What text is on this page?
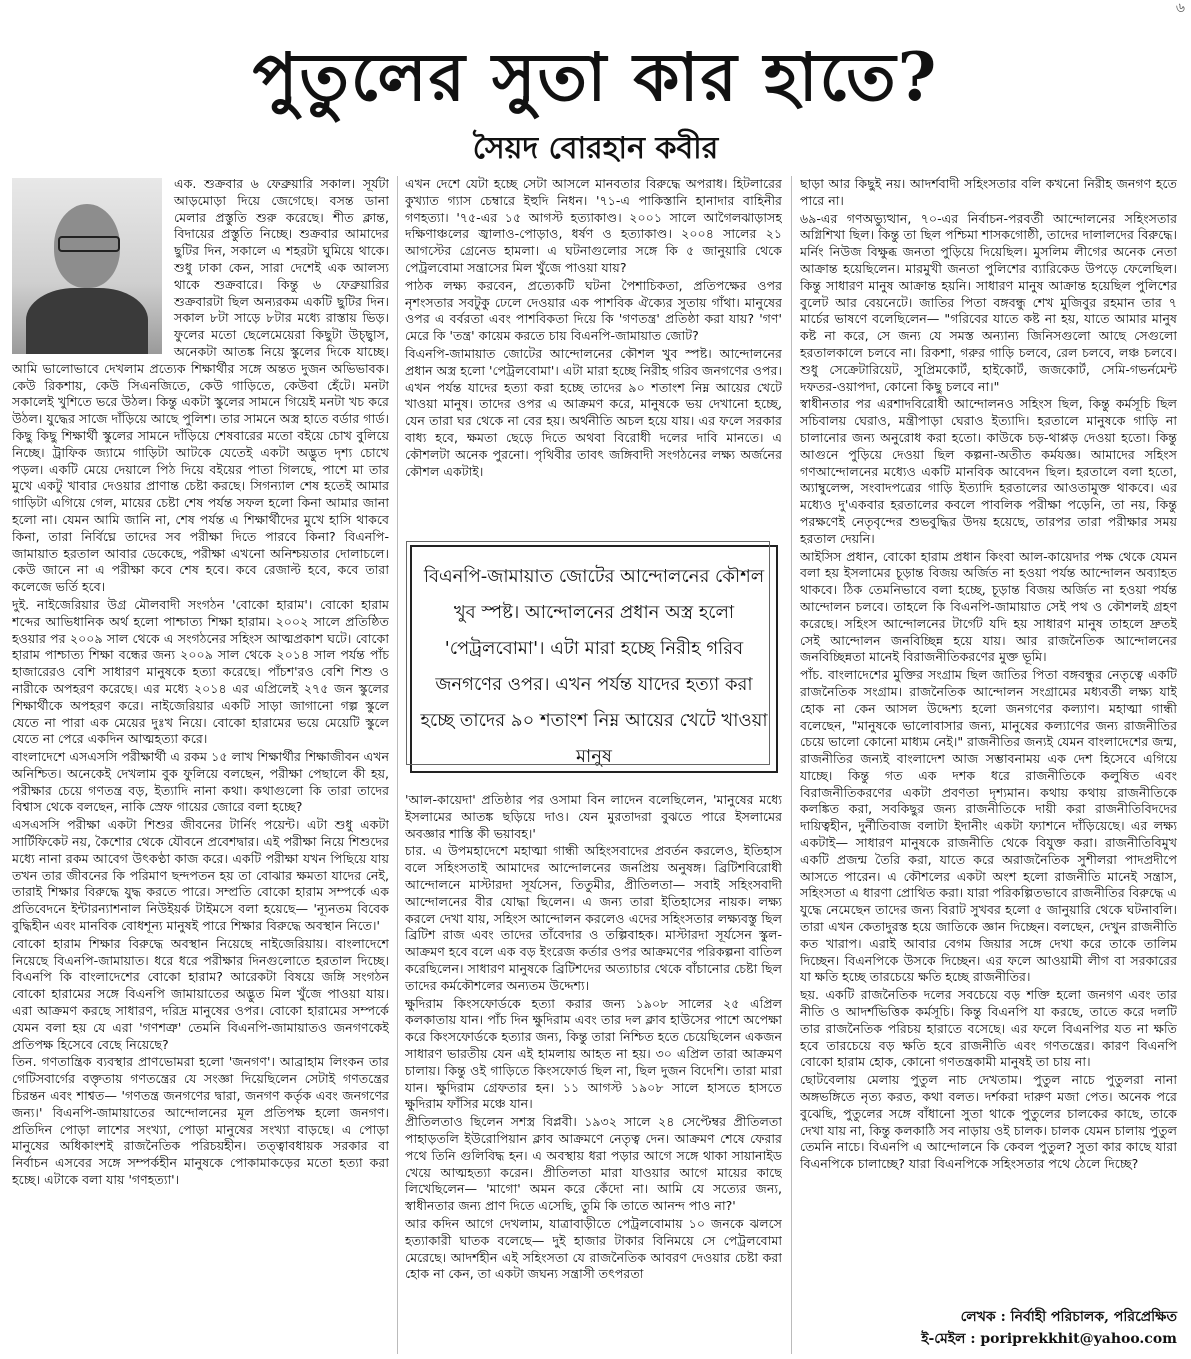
৬
পুতুলের সুতা কার হাতে?
সৈয়দ বোরহান কবীর

এক. শুক্রবার ৬ ফেব্রুয়ারি সকাল। সূর্যটা আড়মোড়া দিয়ে জেগেছে। বসন্ত ডানা মেলার প্রস্তুতি শুরু করেছে। শীত ক্লান্ত, বিদায়ের প্রস্তুতি নিচ্ছে। শুক্রবার আমাদের ছুটির দিন, সকালে এ শহরটা ঘুমিয়ে থাকে। শুধু ঢাকা কেন, সারা দেশেই এক আলস্য থাকে শুক্রবারে। কিন্তু ৬ ফেব্রুয়ারির শুক্রবারটা ছিল অন্যরকম একটি ছুটির দিন। সকাল ৮টা সাড়ে ৮টার মধ্যে রাস্তায় ভিড়। ফুলের মতো ছেলেমেয়েরা কিছুটা উচ্ছ্বাস, অনেকটা আতঙ্ক নিয়ে স্কুলের দিকে যাচ্ছে। আমি ভালোভাবে দেখলাম প্রত্যেক শিক্ষার্থীর সঙ্গে অন্তত দুজন অভিভাবক। কেউ রিকশায়, কেউ সিএনজিতে, কেউ গাড়িতে, কেউবা হেঁটে। মনটা সকালেই খুশিতে ভরে উঠল। কিন্তু একটা স্কুলের সামনে গিয়েই মনটা খচ করে উঠল। যুদ্ধের সাজে দাঁড়িয়ে আছে পুলিশ। তার সামনে অস্ত্র হাতে বর্ডার গার্ড। কিছু কিছু শিক্ষার্থী স্কুলের সামনে দাঁড়িয়ে শেষবারের মতো বইয়ে চোখ বুলিয়ে নিচ্ছে। ট্রাফিক জ্যামে গাড়িটা আটকে যেতেই একটা অদ্ভুত দৃশ্য চোখে পড়ল। একটি মেয়ে দেয়ালে পিঠ দিয়ে বইয়ের পাতা গিলছে, পাশে মা তার মুখে একটু খাবার দেওয়ার প্রাণান্ত চেষ্টা করছে। সিগন্যাল শেষ হতেই আমার গাড়িটা এগিয়ে গেল, মায়ের চেষ্টা শেষ পর্যন্ত সফল হলো কিনা আমার জানা হলো না। যেমন আমি জানি না, শেষ পর্যন্ত এ শিক্ষার্থীদের মুখে হাসি থাকবে কিনা, তারা নির্বিঘ্নে তাদের সব পরীক্ষা দিতে পারবে কিনা? বিএনপি-জামায়াত হরতাল আবার ডেকেছে, পরীক্ষা এখনো অনিশ্চয়তার দোলাচলে। কেউ জানে না এ পরীক্ষা কবে শেষ হবে। কবে রেজাল্ট হবে, কবে তারা কলেজে ভর্তি হবে।

দুই. নাইজেরিয়ার উগ্র মৌলবাদী সংগঠন 'বোকো হারাম'। বোকো হারাম শব্দের আভিধানিক অর্থ হলো পাশ্চাত্য শিক্ষা হারাম। ২০০২ সালে প্রতিষ্ঠিত হওয়ার পর ২০০৯ সাল থেকে এ সংগঠনের সহিংস আত্মপ্রকাশ ঘটে। বোকো হারাম পাশ্চাত্য শিক্ষা বন্ধের জন্য ২০০৯ সাল থেকে ২০১৪ সাল পর্যন্ত পাঁচ হাজারেরও বেশি সাধারণ মানুষকে হত্যা করেছে। পাঁচশ'রও বেশি শিশু ও নারীকে অপহরণ করেছে। এর মধ্যে ২০১৪ এর এপ্রিলেই ২৭৫ জন স্কুলের শিক্ষার্থীকে অপহরণ করে। নাইজেরিয়ার একটি সাড়া জাগানো গল্প স্কুলে যেতে না পারা এক মেয়ের দুঃখ নিয়ে। বোকো হারামের ভয়ে মেয়েটি স্কুলে যেতে না পেরে একদিন আত্মহত্যা করে।

বাংলাদেশে এসএসসি পরীক্ষার্থী এ রকম ১৫ লাখ শিক্ষার্থীর শিক্ষাজীবন এখন অনিশ্চিত। অনেকেই দেখলাম বুক ফুলিয়ে বলছেন, পরীক্ষা পেছালে কী হয়, পরীক্ষার চেয়ে গণতন্ত্র বড়, ইত্যাদি নানা কথা। কথাগুলো কি তারা তাদের বিশ্বাস থেকে বলছেন, নাকি স্রেফ গায়ের জোরে বলা হচ্ছে?

এসএসসি পরীক্ষা একটা শিশুর জীবনের টার্নিং পয়েন্ট। এটা শুধু একটা সার্টিফিকেট নয়, কৈশোর থেকে যৌবনে প্রবেশদ্বার। এই পরীক্ষা নিয়ে শিশুদের মধ্যে নানা রকম আবেগ উৎকণ্ঠা কাজ করে। একটি পরীক্ষা যখন পিছিয়ে যায় তখন তার জীবনের কি পরিমাণ ছন্দপতন হয় তা বোঝার ক্ষমতা যাদের নেই, তারাই শিক্ষার বিরুদ্ধে যুদ্ধ করতে পারে। সম্প্রতি বোকো হারাম সম্পর্কে এক প্রতিবেদনে ইন্টারন্যাশনাল নিউইয়র্ক টাইমসে বলা হয়েছে— 'ন্যূনতম বিবেক বুদ্ধিহীন এবং মানবিক বোধশূন্য মানুষই পারে শিক্ষার বিরুদ্ধে অবস্থান নিতে।'

বোকো হারাম শিক্ষার বিরুদ্ধে অবস্থান নিয়েছে নাইজেরিয়ায়। বাংলাদেশে নিয়েছে বিএনপি-জামায়াত। ধরে ধরে পরীক্ষার দিনগুলোতে হরতাল দিচ্ছে। বিএনপি কি বাংলাদেশের বোকো হারাম? আরেকটা বিষয়ে জঙ্গি সংগঠন বোকো হারামের সঙ্গে বিএনপি জামায়াতের অদ্ভুত মিল খুঁজে পাওয়া যায়। এরা আক্রমণ করছে সাধারণ, দরিদ্র মানুষের ওপর। বোকো হারামের সম্পর্কে যেমন বলা হয় যে এরা 'গণশত্রু' তেমনি বিএনপি-জামায়াতও জনগণকেই প্রতিপক্ষ হিসেবে বেছে নিয়েছে?

তিন. গণতান্ত্রিক ব্যবস্থার প্রাণভোমরা হলো 'জনগণ'। আব্রাহাম লিংকন তার গেটিসবার্গের বক্তৃতায় গণতন্ত্রের যে সংজ্ঞা দিয়েছিলেন সেটাই গণতন্ত্রের চিরন্তন এবং শাশ্বত— 'গণতন্ত্র জনগণের দ্বারা, জনগণ কর্তৃক এবং জনগণের জন্য।' বিএনপি-জামায়াতের আন্দোলনের মূল প্রতিপক্ষ হলো জনগণ। প্রতিদিন পোড়া লাশের সংখ্যা, পোড়া মানুষের সংখ্যা বাড়ছে। এ পোড়া মানুষের অধিকাংশই রাজনৈতিক পরিচয়হীন। তত্ত্বাবধায়ক সরকার বা নির্বাচন এসবের সঙ্গে সম্পর্কহীন মানুষকে পোকামাকড়ের মতো হত্যা করা হচ্ছে। এটাকে বলা যায় 'গণহত্যা'।

এখন দেশে যেটা হচ্ছে সেটা আসলে মানবতার বিরুদ্ধে অপরাধ। হিটলারের কুখ্যাত গ্যাস চেম্বারে ইহুদি নিধন। '৭১-এ পাকিস্তানি হানাদার বাহিনীর গণহত্যা। '৭৫-এর ১৫ আগস্ট হত্যাকাণ্ড। ২০০১ সালে আগৈলঝাড়াসহ দক্ষিণাঞ্চলের জ্বালাও-পোড়াও, ধর্ষণ ও হত্যাকাণ্ড। ২০০৪ সালের ২১ আগস্টের গ্রেনেড হামলা। এ ঘটনাগুলোর সঙ্গে কি ৫ জানুয়ারি থেকে পেট্রলবোমা সন্ত্রাসের মিল খুঁজে পাওয়া যায়?

পাঠক লক্ষ্য করবেন, প্রত্যেকটি ঘটনা পৈশাচিকতা, প্রতিপক্ষের ওপর নৃশংসতার সবটুকু ঢেলে দেওয়ার এক পাশবিক ঐক্যের সুতায় গাঁথা। মানুষের ওপর এ বর্বরতা এবং পাশবিকতা দিয়ে কি 'গণতন্ত্র' প্রতিষ্ঠা করা যায়? 'গণ' মেরে কি 'তন্ত্র' কায়েম করতে চায় বিএনপি-জামায়াত জোট?

বিএনপি-জামায়াত জোটের আন্দোলনের কৌশল খুব স্পষ্ট। আন্দোলনের প্রধান অস্ত্র হলো 'পেট্রলবোমা'। এটা মারা হচ্ছে নিরীহ গরিব জনগণের ওপর। এখন পর্যন্ত যাদের হত্যা করা হচ্ছে তাদের ৯০ শতাংশ নিম্ন আয়ের খেটে খাওয়া মানুষ। তাদের ওপর এ আক্রমণ করে, মানুষকে ভয় দেখানো হচ্ছে, যেন তারা ঘর থেকে না বের হয়। অর্থনীতি অচল হয়ে যায়। এর ফলে সরকার বাধ্য হবে, ক্ষমতা ছেড়ে দিতে অথবা বিরোধী দলের দাবি মানতে। এ কৌশলটা অনেক পুরনো। পৃথিবীর তাবৎ জঙ্গিবাদী সংগঠনের লক্ষ্য অর্জনের কৌশল একটাই।

বিএনপি-জামায়াত জোটের আন্দোলনের কৌশল খুব স্পষ্ট। আন্দোলনের প্রধান অস্ত্র হলো 'পেট্রলবোমা'। এটা মারা হচ্ছে নিরীহ গরিব জনগণের ওপর। এখন পর্যন্ত যাদের হত্যা করা হচ্ছে তাদের ৯০ শতাংশ নিম্ন আয়ের খেটে খাওয়া মানুষ

'আল-কায়েদা' প্রতিষ্ঠার পর ওসামা বিন লাদেন বলেছিলেন, 'মানুষের মধ্যে ইসলামের আতঙ্ক ছড়িয়ে দাও। যেন মুরতাদরা বুঝতে পারে ইসলামের অবজ্ঞার শাস্তি কী ভয়াবহ।'

চার. এ উপমহাদেশে মহাত্মা গান্ধী অহিংসবাদের প্রবর্তন করলেও, ইতিহাস বলে সহিংসতাই আমাদের আন্দোলনের জনপ্রিয় অনুষঙ্গ। ব্রিটিশবিরোধী আন্দোলনে মাস্টারদা সূর্যসেন, তিতুমীর, প্রীতিলতা— সবাই সহিংসবাদী আন্দোলনের বীর যোদ্ধা ছিলেন। এ জন্য তারা ইতিহাসের নায়ক। লক্ষ্য করলে দেখা যায়, সহিংস আন্দোলন করলেও এদের সহিংসতার লক্ষ্যবস্তু ছিল ব্রিটিশ রাজ এবং তাদের তাঁবেদার ও তল্পিবাহক। মাস্টারদা সূর্যসেন স্কুল-আক্রমণ হবে বলে এক বড় ইংরেজ কর্তার ওপর আক্রমণের পরিকল্পনা বাতিল করেছিলেন। সাধারণ মানুষকে ব্রিটিশদের অত্যাচার থেকে বাঁচানোর চেষ্টা ছিল তাদের কর্মকৌশলের অন্যতম উদ্দেশ্য।

ক্ষুদিরাম কিংসফোর্ডকে হত্যা করার জন্য ১৯০৮ সালের ২৫ এপ্রিল কলকাতায় যান। পাঁচ দিন ক্ষুদিরাম এবং তার দল ক্লাব হাউসের পাশে অপেক্ষা করে কিংসফোর্ডকে হত্যার জন্য, কিন্তু তারা নিশ্চিত হতে চেয়েছিলেন একজন সাধারণ ভারতীয় যেন এই হামলায় আহত না হয়। ৩০ এপ্রিল তারা আক্রমণ চালায়। কিন্তু ওই গাড়িতে কিংসফোর্ড ছিল না, ছিল দুজন বিদেশি। তারা মারা যান। ক্ষুদিরাম গ্রেফতার হন। ১১ আগস্ট ১৯০৮ সালে হাসতে হাসতে ক্ষুদিরাম ফাঁসির মঞ্চে যান।

প্রীতিলতাও ছিলেন সশস্ত্র বিপ্লবী। ১৯৩২ সালে ২৪ সেপ্টেম্বর প্রীতিলতা পাহাড়তলি ইউরোপিয়ান ক্লাব আক্রমণে নেতৃত্ব দেন। আক্রমণ শেষে ফেরার পথে তিনি গুলিবিদ্ধ হন। এ অবস্থায় ধরা পড়ার আগে সঙ্গে থাকা সায়ানাইড খেয়ে আত্মহত্যা করেন। প্রীতিলতা মারা যাওয়ার আগে মায়ের কাছে লিখেছিলেন— 'মাগো' অমন করে কেঁদো না। আমি যে সত্যের জন্য, স্বাধীনতার জন্য প্রাণ দিতে এসেছি, তুমি কি তাতে আনন্দ পাও না?'

আর কদিন আগে দেখলাম, যাত্রাবাড়ীতে পেট্রলবোমায় ১০ জনকে ঝলসে হত্যাকারী ঘাতক বলেছে— দুই হাজার টাকার বিনিময়ে সে পেট্রলবোমা মেরেছে। আদর্শহীন এই সহিংসতা যে রাজনৈতিক আবরণ দেওয়ার চেষ্টা করা হোক না কেন, তা একটা জঘন্য সন্ত্রাসী তৎপরতা

ছাড়া আর কিছুই নয়। আদর্শবাদী সহিংসতার বলি কখনো নিরীহ জনগণ হতে পারে না।

৬৯-এর গণঅভ্যুত্থান, ৭০-এর নির্বাচন-পরবর্তী আন্দোলনের সহিংসতার অগ্নিশিখা ছিল। কিন্তু তা ছিল পশ্চিমা শাসকগোষ্ঠী, তাদের দালালদের বিরুদ্ধে। মর্নিং নিউজ বিক্ষুব্ধ জনতা পুড়িয়ে দিয়েছিল। মুসলিম লীগের অনেক নেতা আক্রান্ত হয়েছিলেন। মারমুখী জনতা পুলিশের ব্যারিকেড উপড়ে ফেলেছিল। কিন্তু সাধারণ মানুষ আক্রান্ত হয়নি। সাধারণ মানুষ আক্রান্ত হয়েছিল পুলিশের বুলেট আর বেয়নেটে। জাতির পিতা বঙ্গবন্ধু শেখ মুজিবুর রহমান তার ৭ মার্চের ভাষণে বলেছিলেন— "গরিবের যাতে কষ্ট না হয়, যাতে আমার মানুষ কষ্ট না করে, সে জন্য যে সমস্ত অন্যান্য জিনিসগুলো আছে সেগুলো হরতালকালে চলবে না। রিকশা, গরুর গাড়ি চলবে, রেল চলবে, লঞ্চ চলবে। শুধু সেক্রেটারিয়েট, সুপ্রিমকোর্ট, হাইকোর্ট, জজকোর্ট, সেমি-গভর্নমেন্ট দফতর-ওয়াপদা, কোনো কিছু চলবে না।"

স্বাধীনতার পর এরশাদবিরোধী আন্দোলনও সহিংস ছিল, কিন্তু কর্মসূচি ছিল সচিবালয় ঘেরাও, মন্ত্রীপাড়া ঘেরাও ইত্যাদি। হরতালে মানুষকে গাড়ি না চালানোর জন্য অনুরোধ করা হতো। কাউকে চড়-থাপ্পড় দেওয়া হতো। কিন্তু আগুনে পুড়িয়ে দেওয়া ছিল কল্পনা-অতীত কর্মযজ্ঞ। আমাদের সহিংস গণআন্দোলনের মধ্যেও একটি মানবিক আবেদন ছিল। হরতালে বলা হতো, অ্যাম্বুলেন্স, সংবাদপত্রের গাড়ি ইত্যাদি হরতালের আওতামুক্ত থাকবে। এর মধ্যেও দু'একবার হরতালের কবলে পাবলিক পরীক্ষা পড়েনি, তা নয়, কিন্তু পরক্ষণেই নেতৃবৃন্দের শুভবুদ্ধির উদয় হয়েছে, তারপর তারা পরীক্ষার সময় হরতাল দেয়নি।

আইসিস প্রধান, বোকো হারাম প্রধান কিংবা আল-কায়েদার পক্ষ থেকে যেমন বলা হয় ইসলামের চূড়ান্ত বিজয় অর্জিত না হওয়া পর্যন্ত আন্দোলন অব্যাহত থাকবে। ঠিক তেমনিভাবে বলা হচ্ছে, চূড়ান্ত বিজয় অর্জিত না হওয়া পর্যন্ত আন্দোলন চলবে। তাহলে কি বিএনপি-জামায়াত সেই পথ ও কৌশলই গ্রহণ করেছে। সহিংস আন্দোলনের টার্গেট যদি হয় সাধারণ মানুষ তাহলে দ্রুতই সেই আন্দোলন জনবিচ্ছিন্ন হয়ে যায়। আর রাজনৈতিক আন্দোলনের জনবিচ্ছিন্নতা মানেই বিরাজনীতিকরণের মুক্ত ভূমি।

পাঁচ. বাংলাদেশের মুক্তির সংগ্রাম ছিল জাতির পিতা বঙ্গবন্ধুর নেতৃত্বে একটি রাজনৈতিক সংগ্রাম। রাজনৈতিক আন্দোলন সংগ্রামের মধ্যবর্তী লক্ষ্য যাই হোক না কেন আসল উদ্দেশ্য হলো জনগণের কল্যাণ। মহাত্মা গান্ধী বলেছেন, "মানুষকে ভালোবাসার জন্য, মানুষের কল্যাণের জন্য রাজনীতির চেয়ে ভালো কোনো মাধ্যম নেই।" রাজনীতির জন্যই যেমন বাংলাদেশের জন্ম, রাজনীতির জন্যই বাংলাদেশ আজ সম্ভাবনাময় এক দেশ হিসেবে এগিয়ে যাচ্ছে। কিন্তু গত এক দশক ধরে রাজনীতিকে কলুষিত এবং বিরাজনীতিকরণের একটা প্রবণতা দৃশ্যমান। কথায় কথায় রাজনীতিকে কলঙ্কিত করা, সবকিছুর জন্য রাজনীতিকে দায়ী করা রাজনীতিবিদদের দায়িত্বহীন, দুর্নীতিবাজ বলাটা ইদানীং একটা ফ্যাশনে দাঁড়িয়েছে। এর লক্ষ্য একটাই— সাধারণ মানুষকে রাজনীতি থেকে বিযুক্ত করা। রাজনীতিবিমুখ একটি প্রজন্ম তৈরি করা, যাতে করে অরাজনৈতিক সুশীলরা পাদপ্রদীপে আসতে পারেন। এ কৌশলের একটা অংশ হলো রাজনীতি মানেই সন্ত্রাস, সহিংসতা এ ধারণা প্রোথিত করা। যারা পরিকল্পিতভাবে রাজনীতির বিরুদ্ধে এ যুদ্ধে নেমেছেন তাদের জন্য বিরাট সুখবর হলো ৫ জানুয়ারি থেকে ঘটনাবলি। তারা এখন কেতাদুরস্ত হয়ে জাতিকে জ্ঞান দিচ্ছেন। বলছেন, দেখুন রাজনীতি কত খারাপ। এরাই আবার বেগম জিয়ার সঙ্গে দেখা করে তাকে তালিম দিচ্ছেন। বিএনপিকে উসকে দিচ্ছেন। এর ফলে আওয়ামী লীগ বা সরকারের যা ক্ষতি হচ্ছে তারচেয়ে ক্ষতি হচ্ছে রাজনীতির।

ছয়. একটি রাজনৈতিক দলের সবচেয়ে বড় শক্তি হলো জনগণ এবং তার নীতি ও আদর্শভিত্তিক কর্মসূচি। কিন্তু বিএনপি যা করছে, তাতে করে দলটি তার রাজনৈতিক পরিচয় হারাতে বসেছে। এর ফলে বিএনপির যত না ক্ষতি হবে তারচেয়ে বড় ক্ষতি হবে রাজনীতি এবং গণতন্ত্রের। কারণ বিএনপি বোকো হারাম হোক, কোনো গণতন্ত্রকামী মানুষই তা চায় না।

ছোটবেলায় মেলায় পুতুল নাচ দেখতাম। পুতুল নাচে পুতুলরা নানা অঙ্গভঙ্গিতে নৃত্য করত, কথা বলত। দর্শকরা দারুণ মজা পেত। অনেক পরে বুঝেছি, পুতুলের সঙ্গে বাঁধানো সুতা থাকে পুতুলের চালকের কাছে, তাকে দেখা যায় না, কিন্তু কলকাঠি সব নাড়ায় ওই চালক। চালক যেমন চালায় পুতুল তেমনি নাচে। বিএনপি এ আন্দোলনে কি কেবল পুতুল? সুতা কার কাছে যারা বিএনপিকে চালাচ্ছে? যারা বিএনপিকে সহিংসতার পথে ঠেলে দিচ্ছে?

লেখক : নির্বাহী পরিচালক, পরিপ্রেক্ষিত
ই-মেইল : poriprekkhit@yahoo.com
